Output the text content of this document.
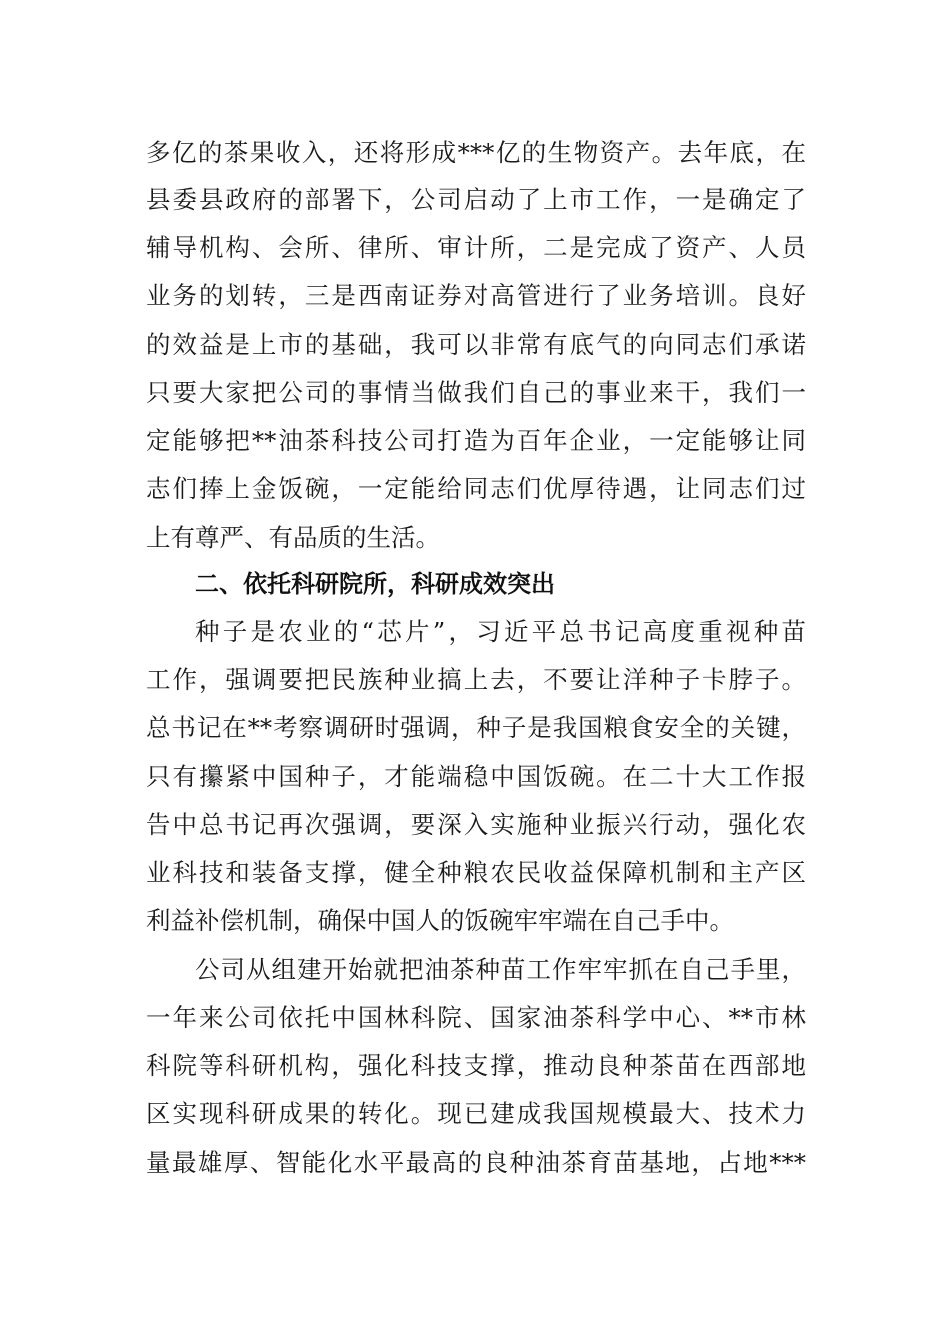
多亿的茶果收入，还将形成***亿的生物资产。去年底，在
县委县政府的部署下，公司启动了上市工作，一是确定了
辅导机构、会所、律所、审计所，二是完成了资产、人员
业务的划转，三是西南证券对高管进行了业务培训。良好
的效益是上市的基础，我可以非常有底气的向同志们承诺
只要大家把公司的事情当做我们自己的事业来干，我们一
定能够把**油茶科技公司打造为百年企业，一定能够让同
志们捧上金饭碗，一定能给同志们优厚待遇，让同志们过
上有尊严、有品质的生活。
二、依托科研院所，科研成效突出
种子是农业的“芯片”，习近平总书记高度重视种苗
工作，强调要把民族种业搞上去，不要让洋种子卡脖子。
总书记在**考察调研时强调，种子是我国粮食安全的关键，
只有攥紧中国种子，才能端稳中国饭碗。在二十大工作报
告中总书记再次强调，要深入实施种业振兴行动，强化农
业科技和装备支撑，健全种粮农民收益保障机制和主产区
利益补偿机制，确保中国人的饭碗牢牢端在自己手中。
公司从组建开始就把油茶种苗工作牢牢抓在自己手里，
一年来公司依托中国林科院、国家油茶科学中心、**市林
科院等科研机构，强化科技支撑，推动良种茶苗在西部地
区实现科研成果的转化。现已建成我国规模最大、技术力
量最雄厚、智能化水平最高的良种油茶育苗基地，占地***
